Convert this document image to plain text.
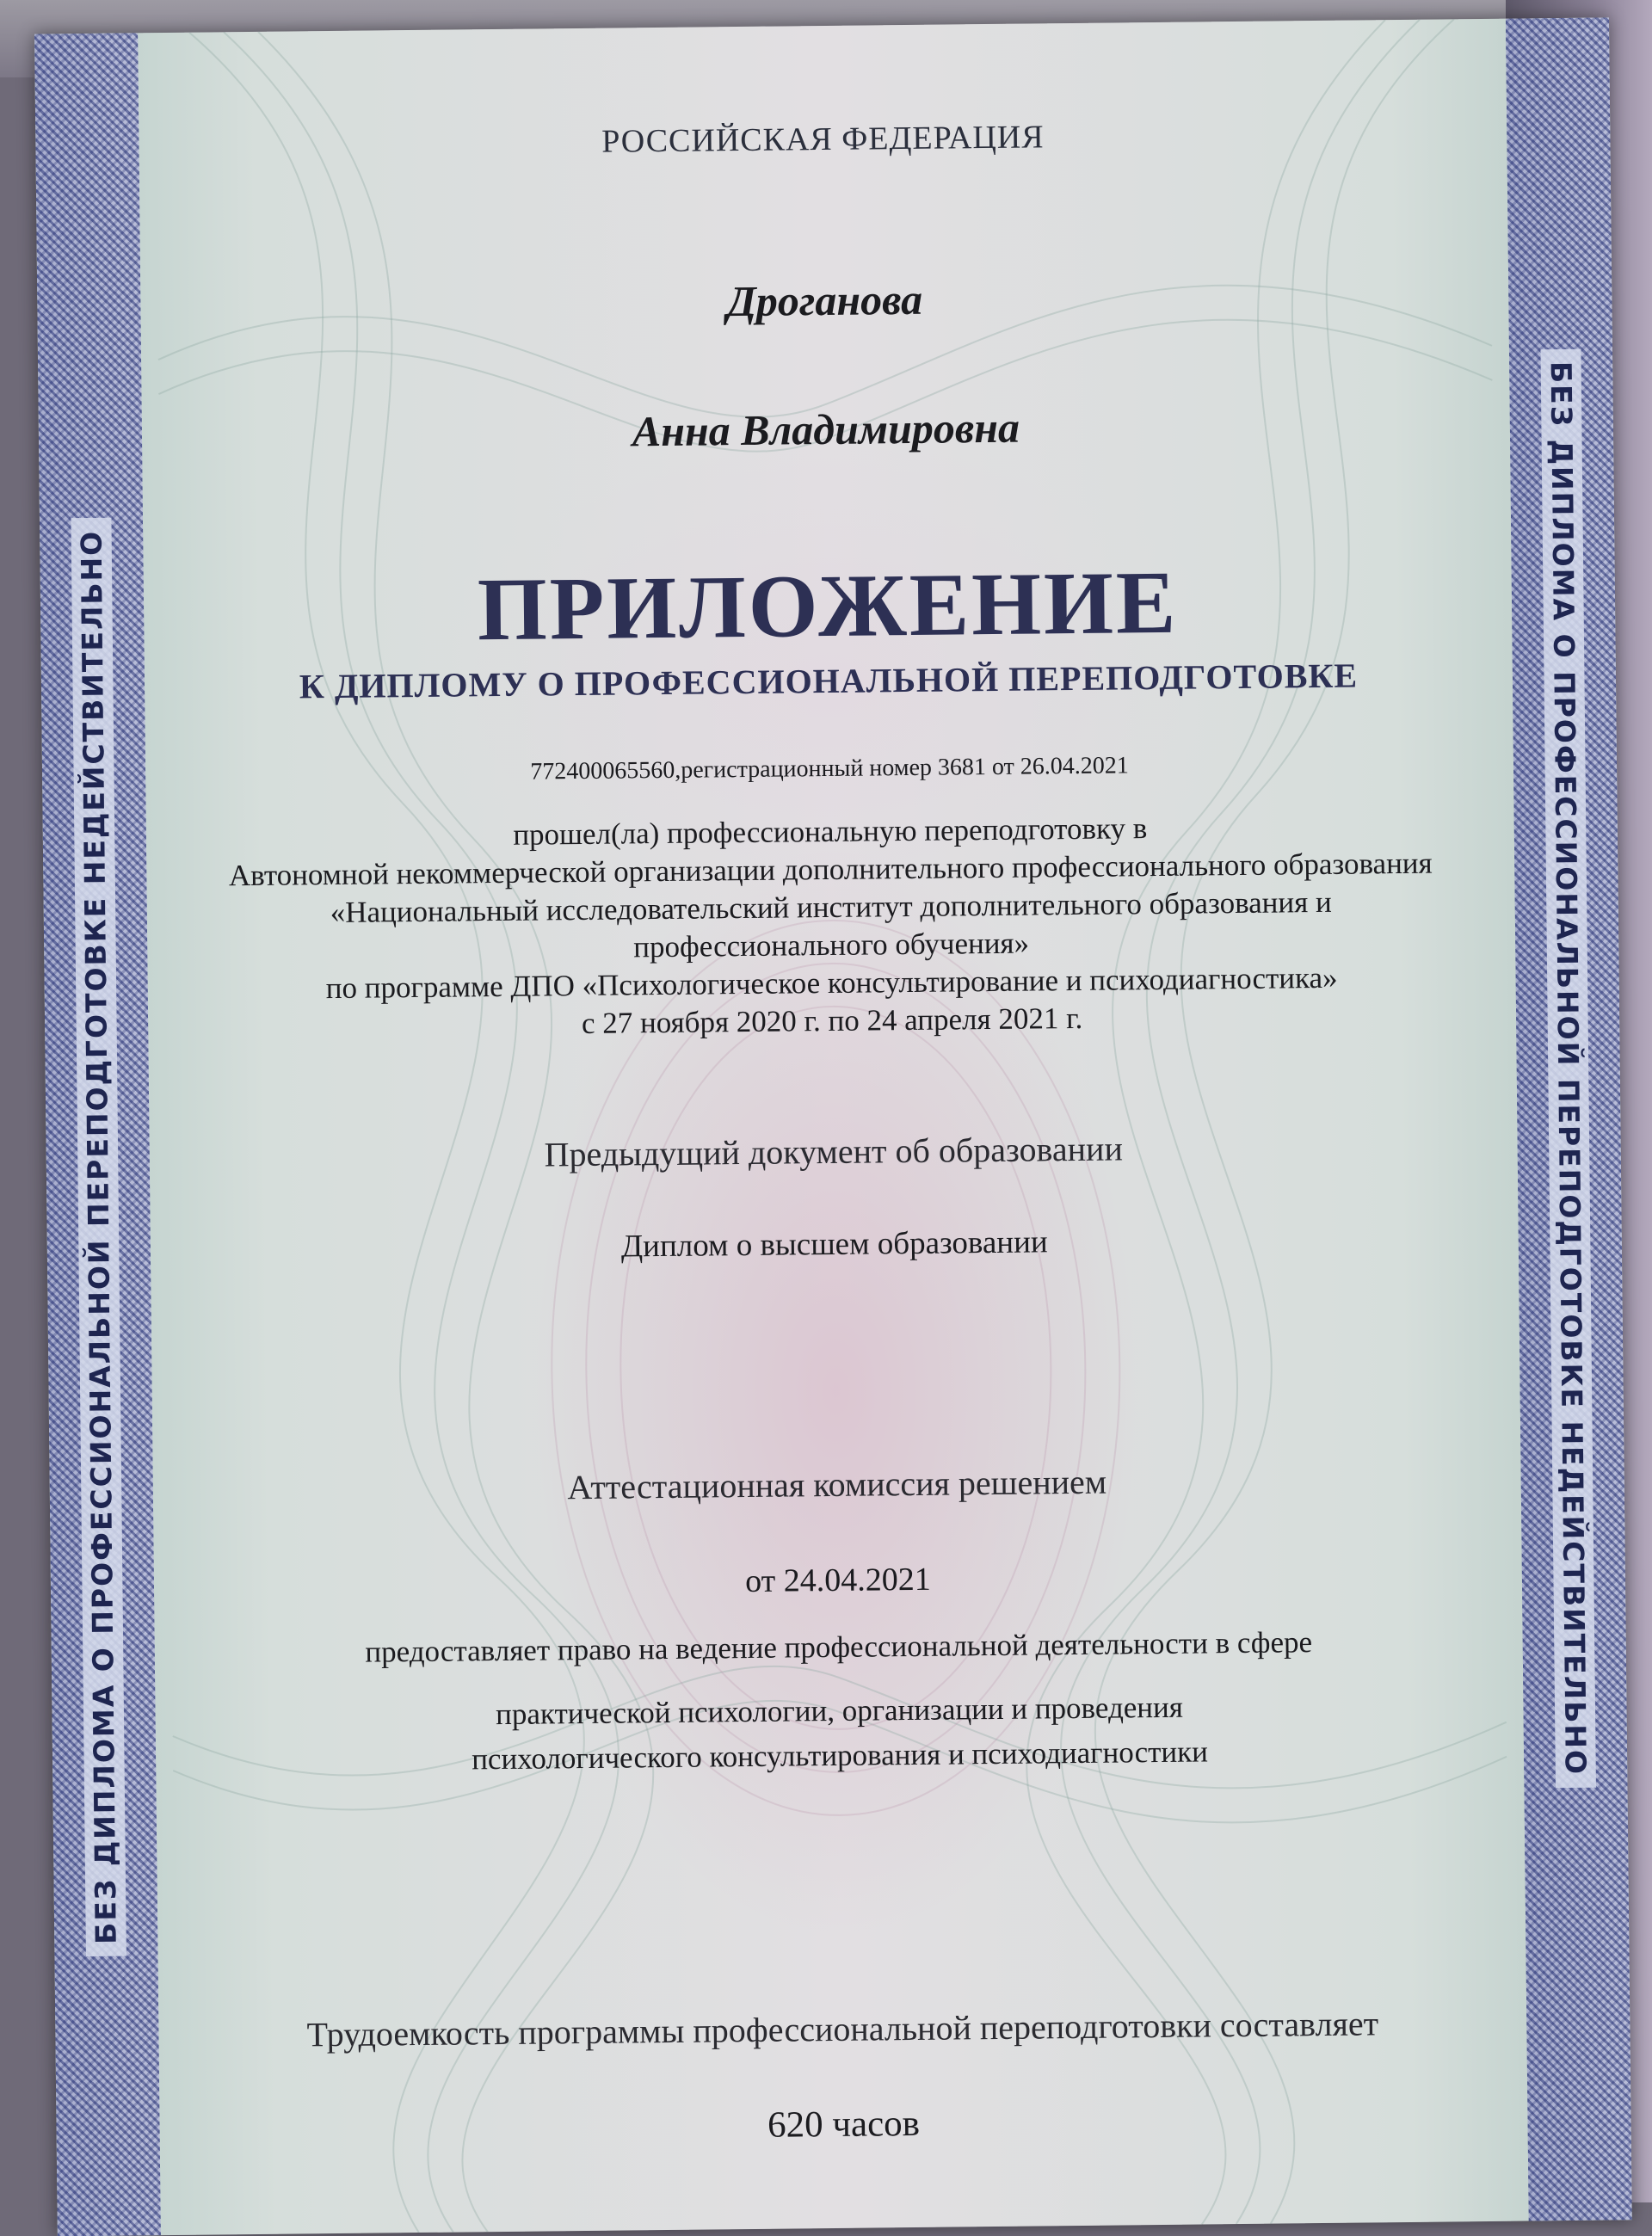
БЕЗ ДИПЛОМА О ПРОФЕССИОНАЛЬНОЙ ПЕРЕПОДГОТОВКЕ НЕДЕЙСТВИТЕЛЬНО	БЕЗ ДИПЛОМА О ПРОФЕССИОНАЛЬНОЙ ПЕРЕПОДГОТОВКЕ НЕДЕЙСТВИТЕЛЬНО
РОССИЙСКАЯ ФЕДЕРАЦИЯ
Дроганова
Анна Владимировна
ПРИЛОЖЕНИЕ
К ДИПЛОМУ О ПРОФЕССИОНАЛЬНОЙ ПЕРЕПОДГОТОВКЕ
772400065560,регистрационный номер 3681 от 26.04.2021
прошел(ла) профессиональную переподготовку в
Автономной некоммерческой организации дополнительного профессионального образования
«Национальный исследовательский институт дополнительного образования и
профессионального обучения»
по программе ДПО «Психологическое консультирование и психодиагностика»
с 27 ноября 2020 г. по 24 апреля 2021 г.
Предыдущий документ об образовании
Диплом о высшем образовании
Аттестационная комиссия решением
от 24.04.2021
предоставляет право на ведение профессиональной деятельности в сфере
практической психологии, организации и проведения
психологического консультирования и психодиагностики
Трудоемкость программы профессиональной переподготовки составляет
620 часов
